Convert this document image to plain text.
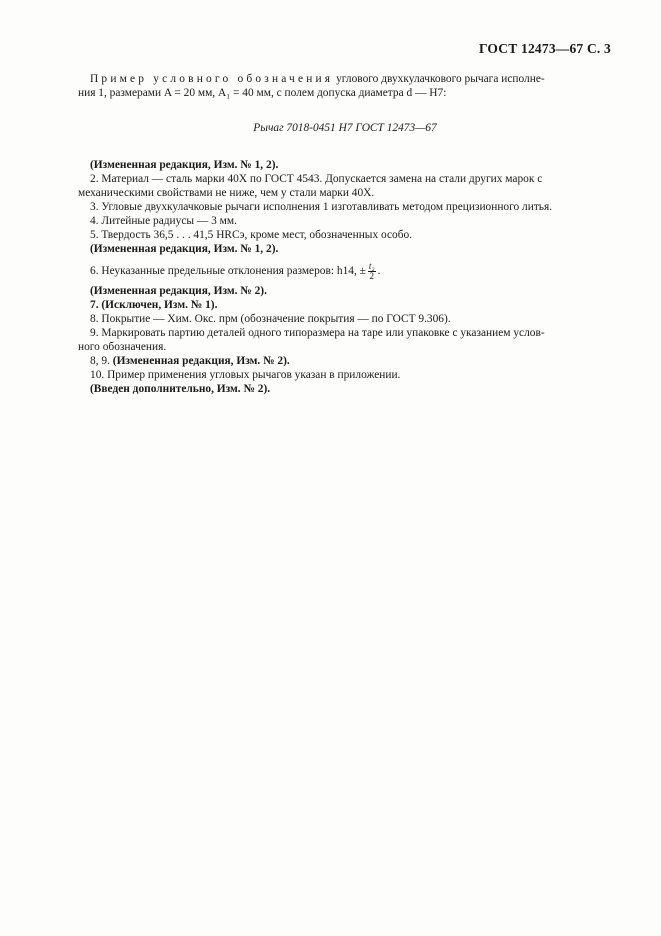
ГОСТ 12473—67 С. 3

Пример условного обозначения углового двухкулачкового рычага исполне-

ния 1, размерами A = 20 мм, A₁ = 40 мм, с полем допуска диаметра d — H7:

Рычаг 7018-0451 H7 ГОСТ 12473—67

(Измененная редакция, Изм. № 1, 2).

2. Материал — сталь марки 40Х по ГОСТ 4543. Допускается замена на стали других марок с

механическими свойствами не ниже, чем у стали марки 40Х.

3. Угловые двухкулачковые рычаги исполнения 1 изготавливать методом прецизионного литья.

4. Литейные радиусы — 3 мм.

5. Твердость 36,5 . . . 41,5 HRCэ, кроме мест, обозначенных особо.

(Измененная редакция, Изм. № 1, 2).

6. Неуказанные предельные отклонения размеров: h14, ± $\frac{\text{t₂}}{2}$ .

(Измененная редакция, Изм. № 2).

7. (Исключен, Изм. № 1).

8. Покрытие — Хим. Окс. прм (обозначение покрытия — по ГОСТ 9.306).

9. Маркировать партию деталей одного типоразмера на таре или упаковке с указанием услов-

ного обозначения.

8, 9. (Измененная редакция, Изм. № 2).

10. Пример применения угловых рычагов указан в приложении.

(Введен дополнительно, Изм. № 2).
